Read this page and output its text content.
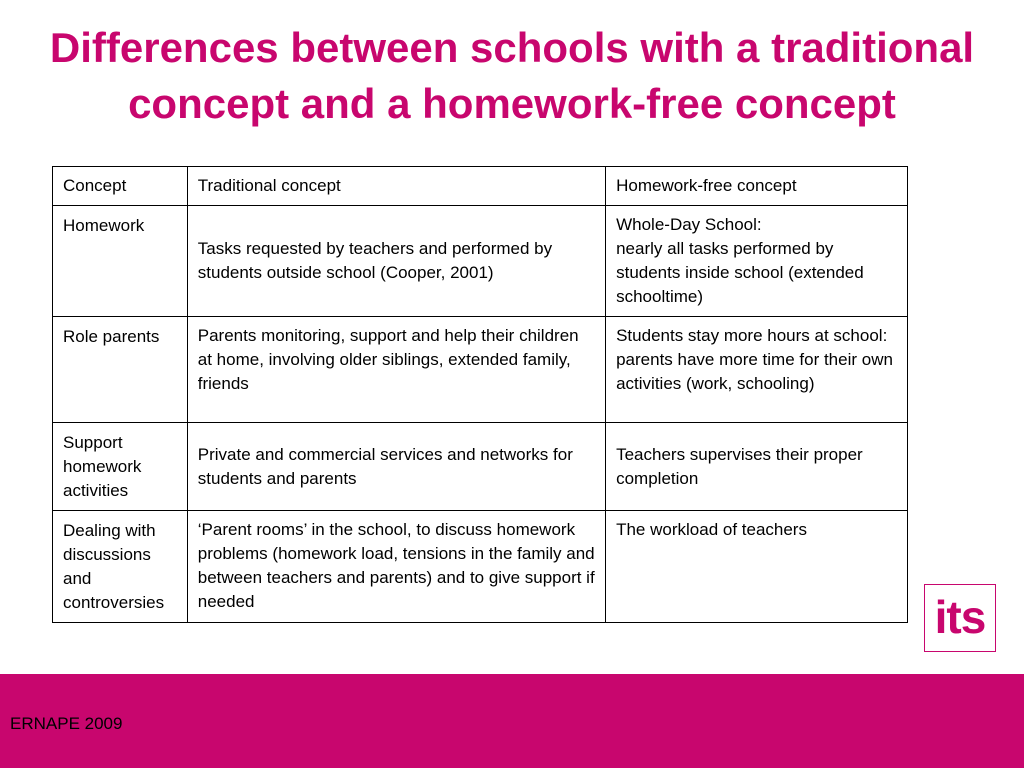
Differences between schools with a traditional
concept and a homework-free concept
Concept	Traditional concept	Homework-free concept
Homework	Tasks requested by teachers and performed by students outside school (Cooper, 2001)	Whole-Day School:
nearly all tasks performed by students inside school (extended schooltime)
Role parents	Parents monitoring, support and help their children at home, involving older siblings, extended family, friends	Students stay more hours at school: parents have more time for their own activities (work, schooling)
Support homework activities	Private and commercial services and networks for students and parents	Teachers supervises their proper completion
Dealing with discussions and controversies	‘Parent rooms’ in the school, to discuss homework problems (homework load, tensions in the family and between teachers and parents) and to give support if needed	The workload of teachers
its
ERNAPE 2009
